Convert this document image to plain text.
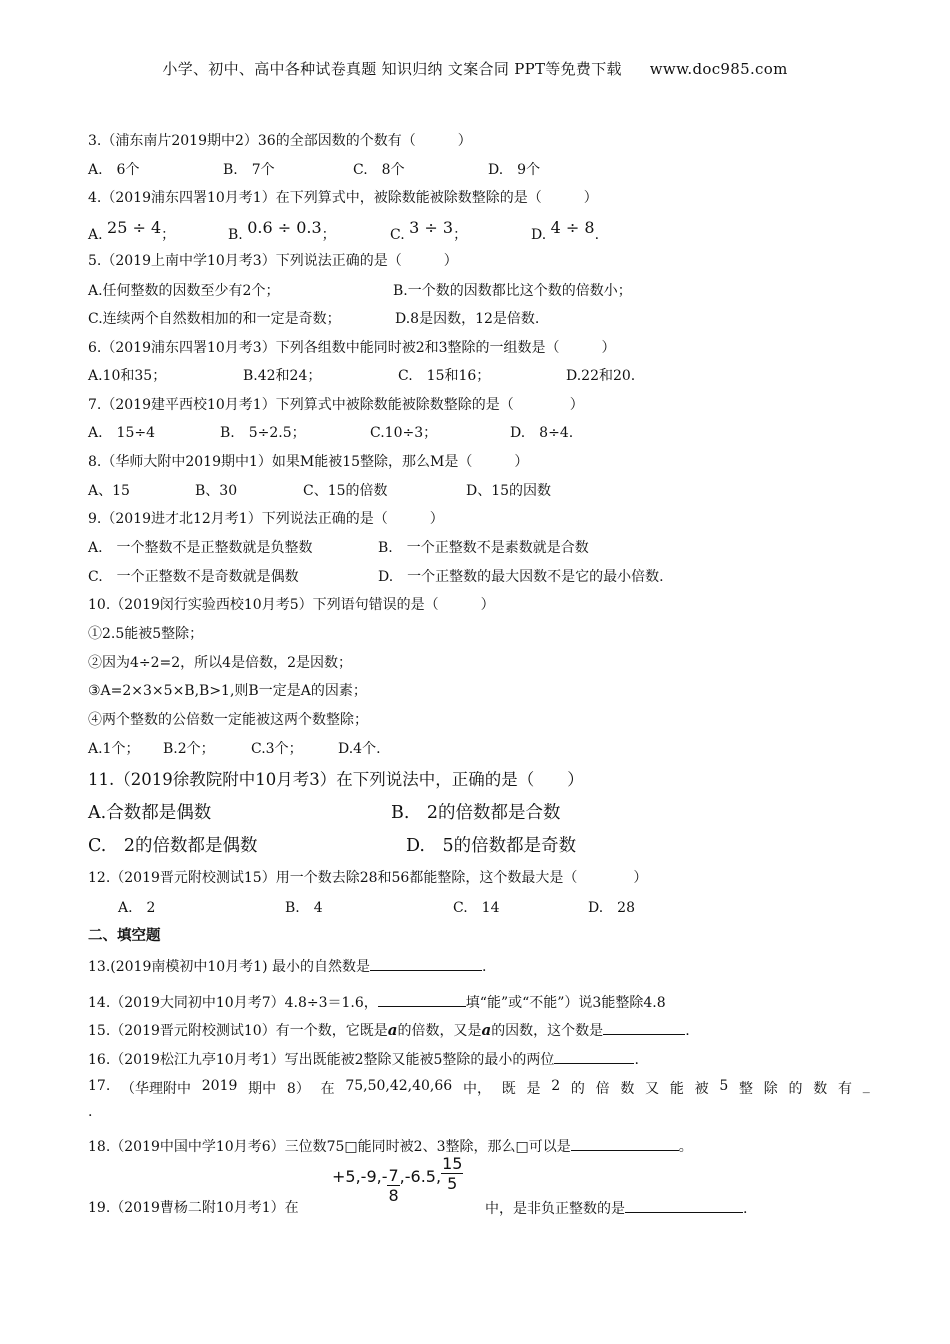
小学、初中、高中各种试卷真题 知识归纳 文案合同 PPT等免费下载 www.doc985.com
3.（浦东南片2019期中2）36的全部因数的个数有（　　　）
A.　6个	B.　7个	C.　8个	D.　9个
4.（2019浦东四署10月考1）在下列算式中，被除数能被除数整除的是（　　　）
A. 25 ÷ 4；	B. 0.6 ÷ 0.3；	C. 3 ÷ 3；	D. 4 ÷ 8.
5.（2019上南中学10月考3）下列说法正确的是（　　　）
A.任何整数的因数至少有2个；	B.一个数的因数都比这个数的倍数小；
C.连续两个自然数相加的和一定是奇数；	D.8是因数，12是倍数.
6.（2019浦东四署10月考3）下列各组数中能同时被2和3整除的一组数是（　　　）
A.10和35；	B.42和24；	C.　15和16；	D.22和20.
7.（2019建平西校10月考1）下列算式中被除数能被除数整除的是（　　　　）
A.　15÷4	B.　5÷2.5；	C.10÷3；	D.　8÷4.
8.（华师大附中2019期中1）如果M能被15整除，那么M是（　　　）
A、15	B、30	C、15的倍数	D、15的因数
9.（2019进才北12月考1）下列说法正确的是（　　　）
A.　一个整数不是正整数就是负整数	B.　一个正整数不是素数就是合数
C.　一个正整数不是奇数就是偶数	D.　一个正整数的最大因数不是它的最小倍数.
10.（2019闵行实验西校10月考5）下列语句错误的是（　　　）
①2.5能被5整除；
②因为4÷2=2，所以4是倍数，2是因数；
③A=2×3×5×B,B>1,则B一定是A的因素；
④两个整数的公倍数一定能被这两个数整除；
A.1个； B.2个；	C.3个；	D.4个.
11.（2019徐教院附中10月考3）在下列说法中，正确的是（　　）
A.合数都是偶数	B.　2的倍数都是合数
C.　2的倍数都是偶数	D.　5的倍数都是奇数
12.（2019晋元附校测试15）用一个数去除28和56都能整除，这个数最大是（　　　　）
A.　2	B.　4	C.　14	D.　28
二、填空题
13.(2019南模初中10月考1) 最小的自然数是	.
14.（2019大同初中10月考7）4.8÷3＝1.6，	填“能”或“不能”）说3能整除4.8
15.（2019晋元附校测试10）有一个数，它既是a的倍数，又是a的因数，这个数是	.
16.（2019松江九亭10月考1）写出既能被2整除又能被5整除的最小的两位	.
17. （华理附中 2019 期中 8） 在 75,50,42,40,66 中， 既 是 2 的 倍 数 又 能 被 5 整 除 的 数 有 _
.
18.（2019中国中学10月考6）三位数75□能同时被2、3整除，那么□可以是	。
19.（2019曹杨二附10月考1）在
$+5,-9,- \frac{7}{8} ,-6.5$, $\frac{15}{5}$
中，是非负正整数的是	.
